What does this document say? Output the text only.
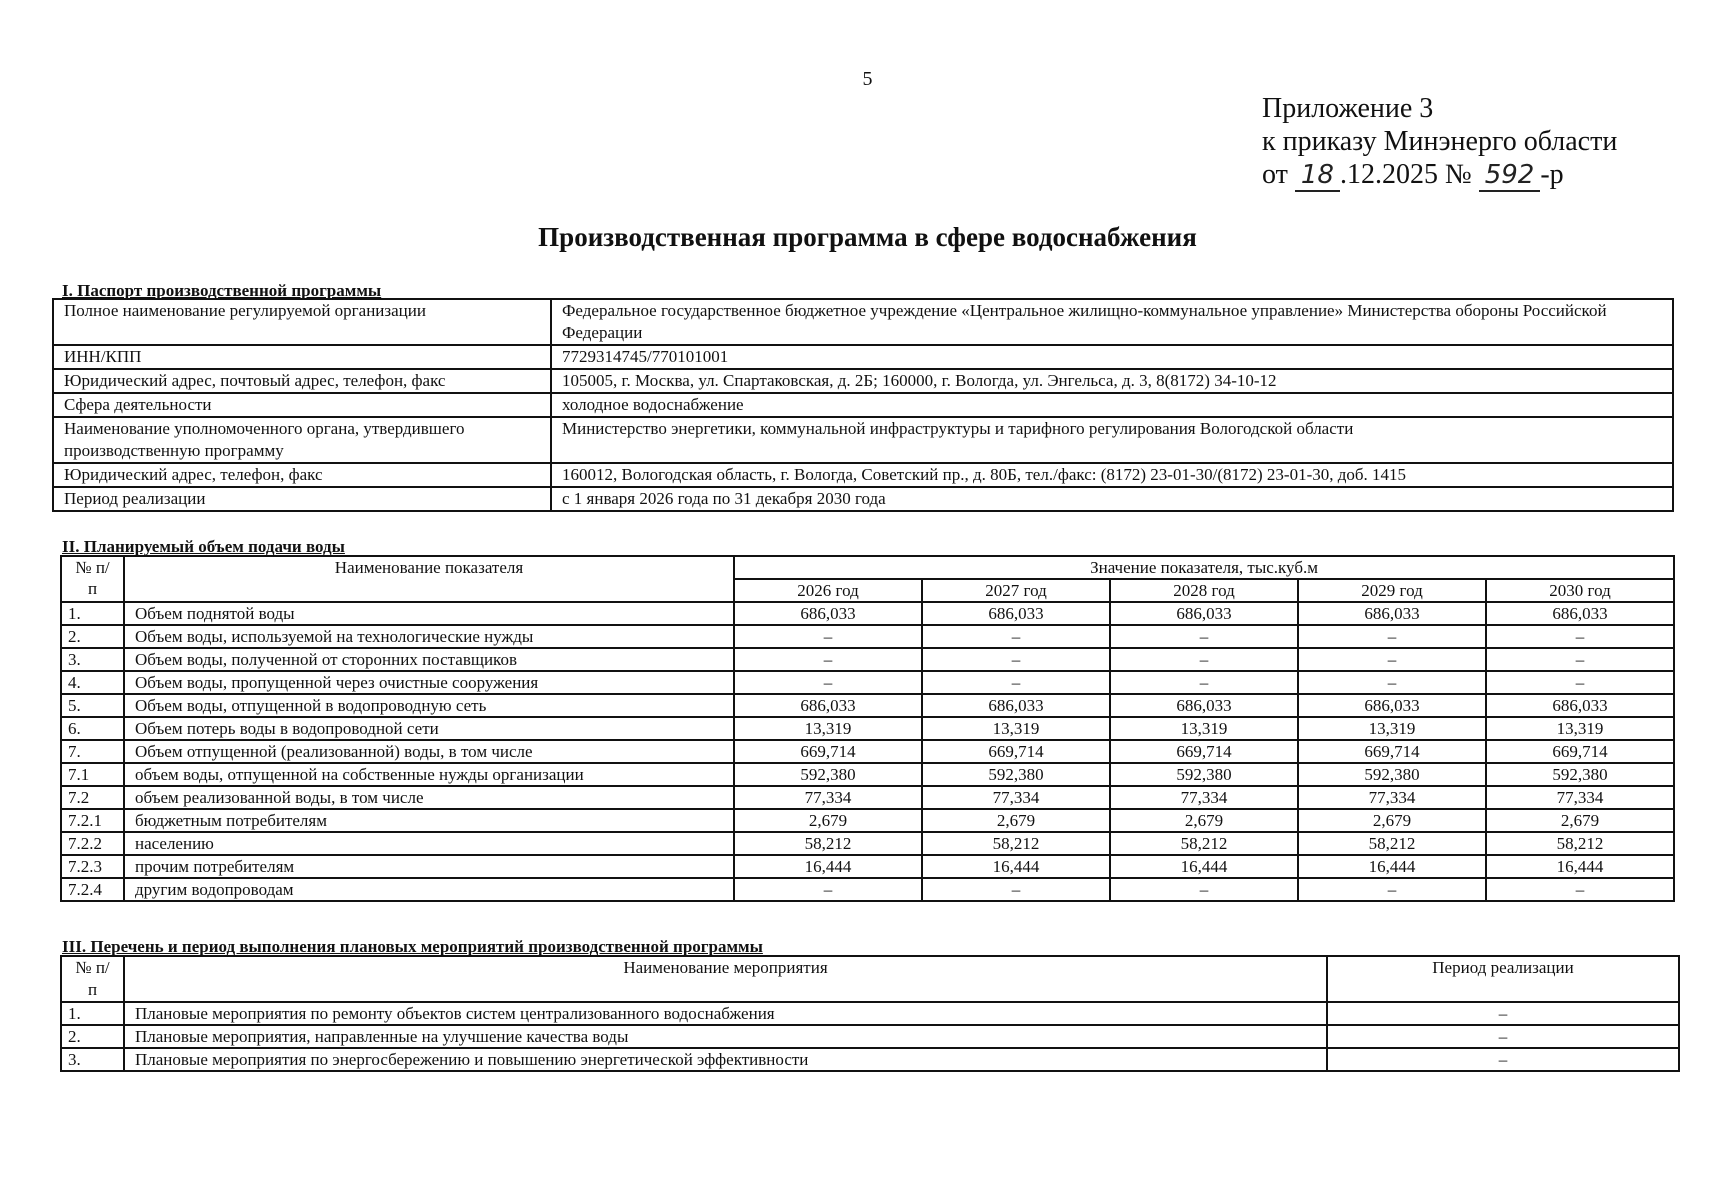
5
Приложение 3
к приказу Минэнерго области
от 18 .12.2025 № 592 -р
Производственная программа в сфере водоснабжения
I. Паспорт производственной программы
Полное наименование регулируемой организации	Федеральное государственное бюджетное учреждение «Центральное жилищно-коммунальное управление» Министерства обороны Российской Федерации
ИНН/КПП	7729314745/770101001
Юридический адрес, почтовый адрес, телефон, факс	105005, г. Москва, ул. Спартаковская, д. 2Б; 160000, г. Вологда, ул. Энгельса, д. 3, 8(8172) 34-10-12
Сфера деятельности	холодное водоснабжение
Наименование уполномоченного органа, утвердившего производственную программу	Министерство энергетики, коммунальной инфраструктуры и тарифного регулирования Вологодской области
Юридический адрес, телефон, факс	160012, Вологодская область, г. Вологда, Советский пр., д. 80Б, тел./факс: (8172) 23-01-30/(8172) 23-01-30, доб. 1415
Период реализации	с 1 января 2026 года по 31 декабря 2030 года
II. Планируемый объем подачи воды
№ п/п	Наименование показателя	Значение показателя, тыс.куб.м				
		2026 год	2027 год	2028 год	2029 год	2030 год
1.	Объем поднятой воды	686,033	686,033	686,033	686,033	686,033
2.	Объем воды, используемой на технологические нужды	–	–	–	–	–
3.	Объем воды, полученной от сторонних поставщиков	–	–	–	–	–
4.	Объем воды, пропущенной через очистные сооружения	–	–	–	–	–
5.	Объем воды, отпущенной в водопроводную сеть	686,033	686,033	686,033	686,033	686,033
6.	Объем потерь воды в водопроводной сети	13,319	13,319	13,319	13,319	13,319
7.	Объем отпущенной (реализованной) воды, в том числе	669,714	669,714	669,714	669,714	669,714
7.1	объем воды, отпущенной на собственные нужды организации	592,380	592,380	592,380	592,380	592,380
7.2	объем реализованной воды, в том числе	77,334	77,334	77,334	77,334	77,334
7.2.1	бюджетным потребителям	2,679	2,679	2,679	2,679	2,679
7.2.2	населению	58,212	58,212	58,212	58,212	58,212
7.2.3	прочим потребителям	16,444	16,444	16,444	16,444	16,444
7.2.4	другим водопроводам	–	–	–	–	–
III. Перечень и период выполнения плановых мероприятий производственной программы
№ п/п	Наименование мероприятия	Период реализации
1.	Плановые мероприятия по ремонту объектов систем централизованного водоснабжения	–
2.	Плановые мероприятия, направленные на улучшение качества воды	–
3.	Плановые мероприятия по энергосбережению и повышению энергетической эффективности	–
